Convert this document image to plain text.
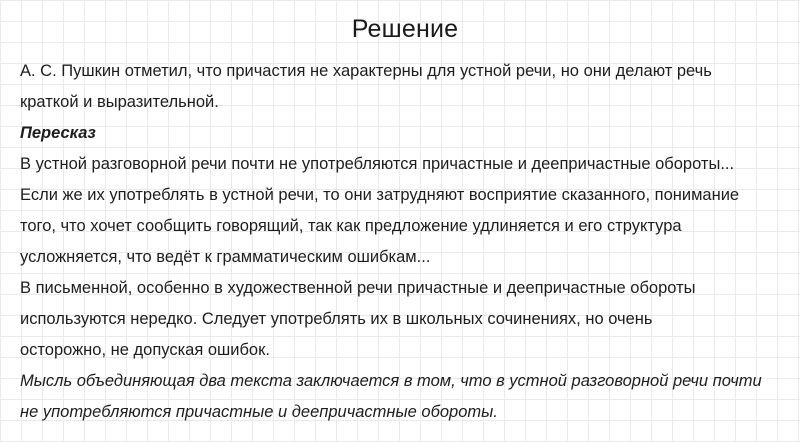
Решение
А. С. Пушкин отметил, что причастия не характерны для устной речи, но они делают речь
краткой и выразительной.
Пересказ
В устной разговорной речи почти не употребляются причастные и деепричастные обороты...
Если же их употреблять в устной речи, то они затрудняют восприятие сказанного, понимание
того, что хочет сообщить говорящий, так как предложение удлиняется и его структура
усложняется, что ведёт к грамматическим ошибкам...
В письменной, особенно в художественной речи причастные и деепричастные обороты
используются нередко. Следует употреблять их в школьных сочинениях, но очень
осторожно, не допуская ошибок.
Мысль объединяющая два текста заключается в том, что в устной разговорной речи почти
не употребляются причастные и деепричастные обороты.
